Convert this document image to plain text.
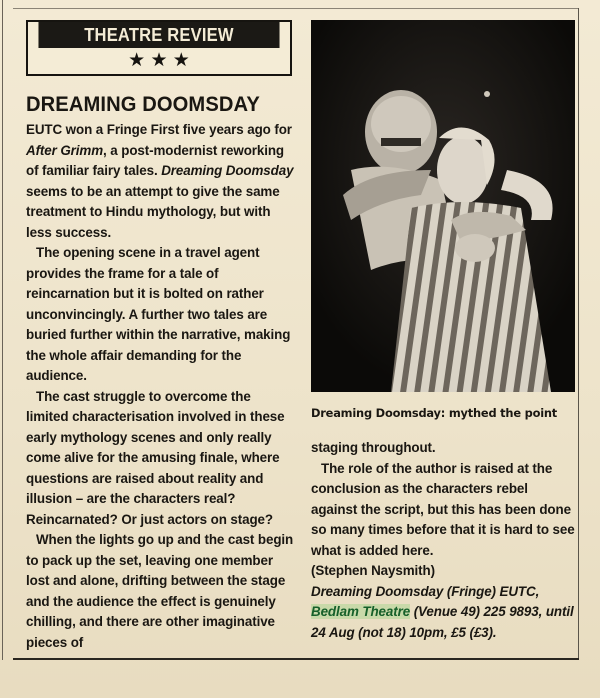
THEATRE REVIEW
★ ★ ★
DREAMING DOOMSDAY

EUTC won a Fringe First five years ago for After Grimm, a post-modernist reworking of familiar fairy tales. Dreaming Doomsday seems to be an attempt to give the same treatment to Hindu mythology, but with less success.

The opening scene in a travel agent provides the frame for a tale of reincarnation but it is bolted on rather unconvincingly. A further two tales are buried further within the narrative, making the whole affair demanding for the audience.

The cast struggle to overcome the limited characterisation involved in these early mythology scenes and only really come alive for the amusing finale, where questions are raised about reality and illusion – are the characters real? Reincarnated? Or just actors on stage?

When the lights go up and the cast begin to pack up the set, leaving one member lost and alone, drifting between the stage and the audience the effect is genuinely chilling, and there are other imaginative pieces of

Dreaming Doomsday: mythed the point

staging throughout.

The role of the author is raised at the conclusion as the characters rebel against the script, but this has been done so many times before that it is hard to see what is added here.

(Stephen Naysmith)

Dreaming Doomsday (Fringe) EUTC, Bedlam Theatre (Venue 49) 225 9893, until 24 Aug (not 18) 10pm, £5 (£3).
